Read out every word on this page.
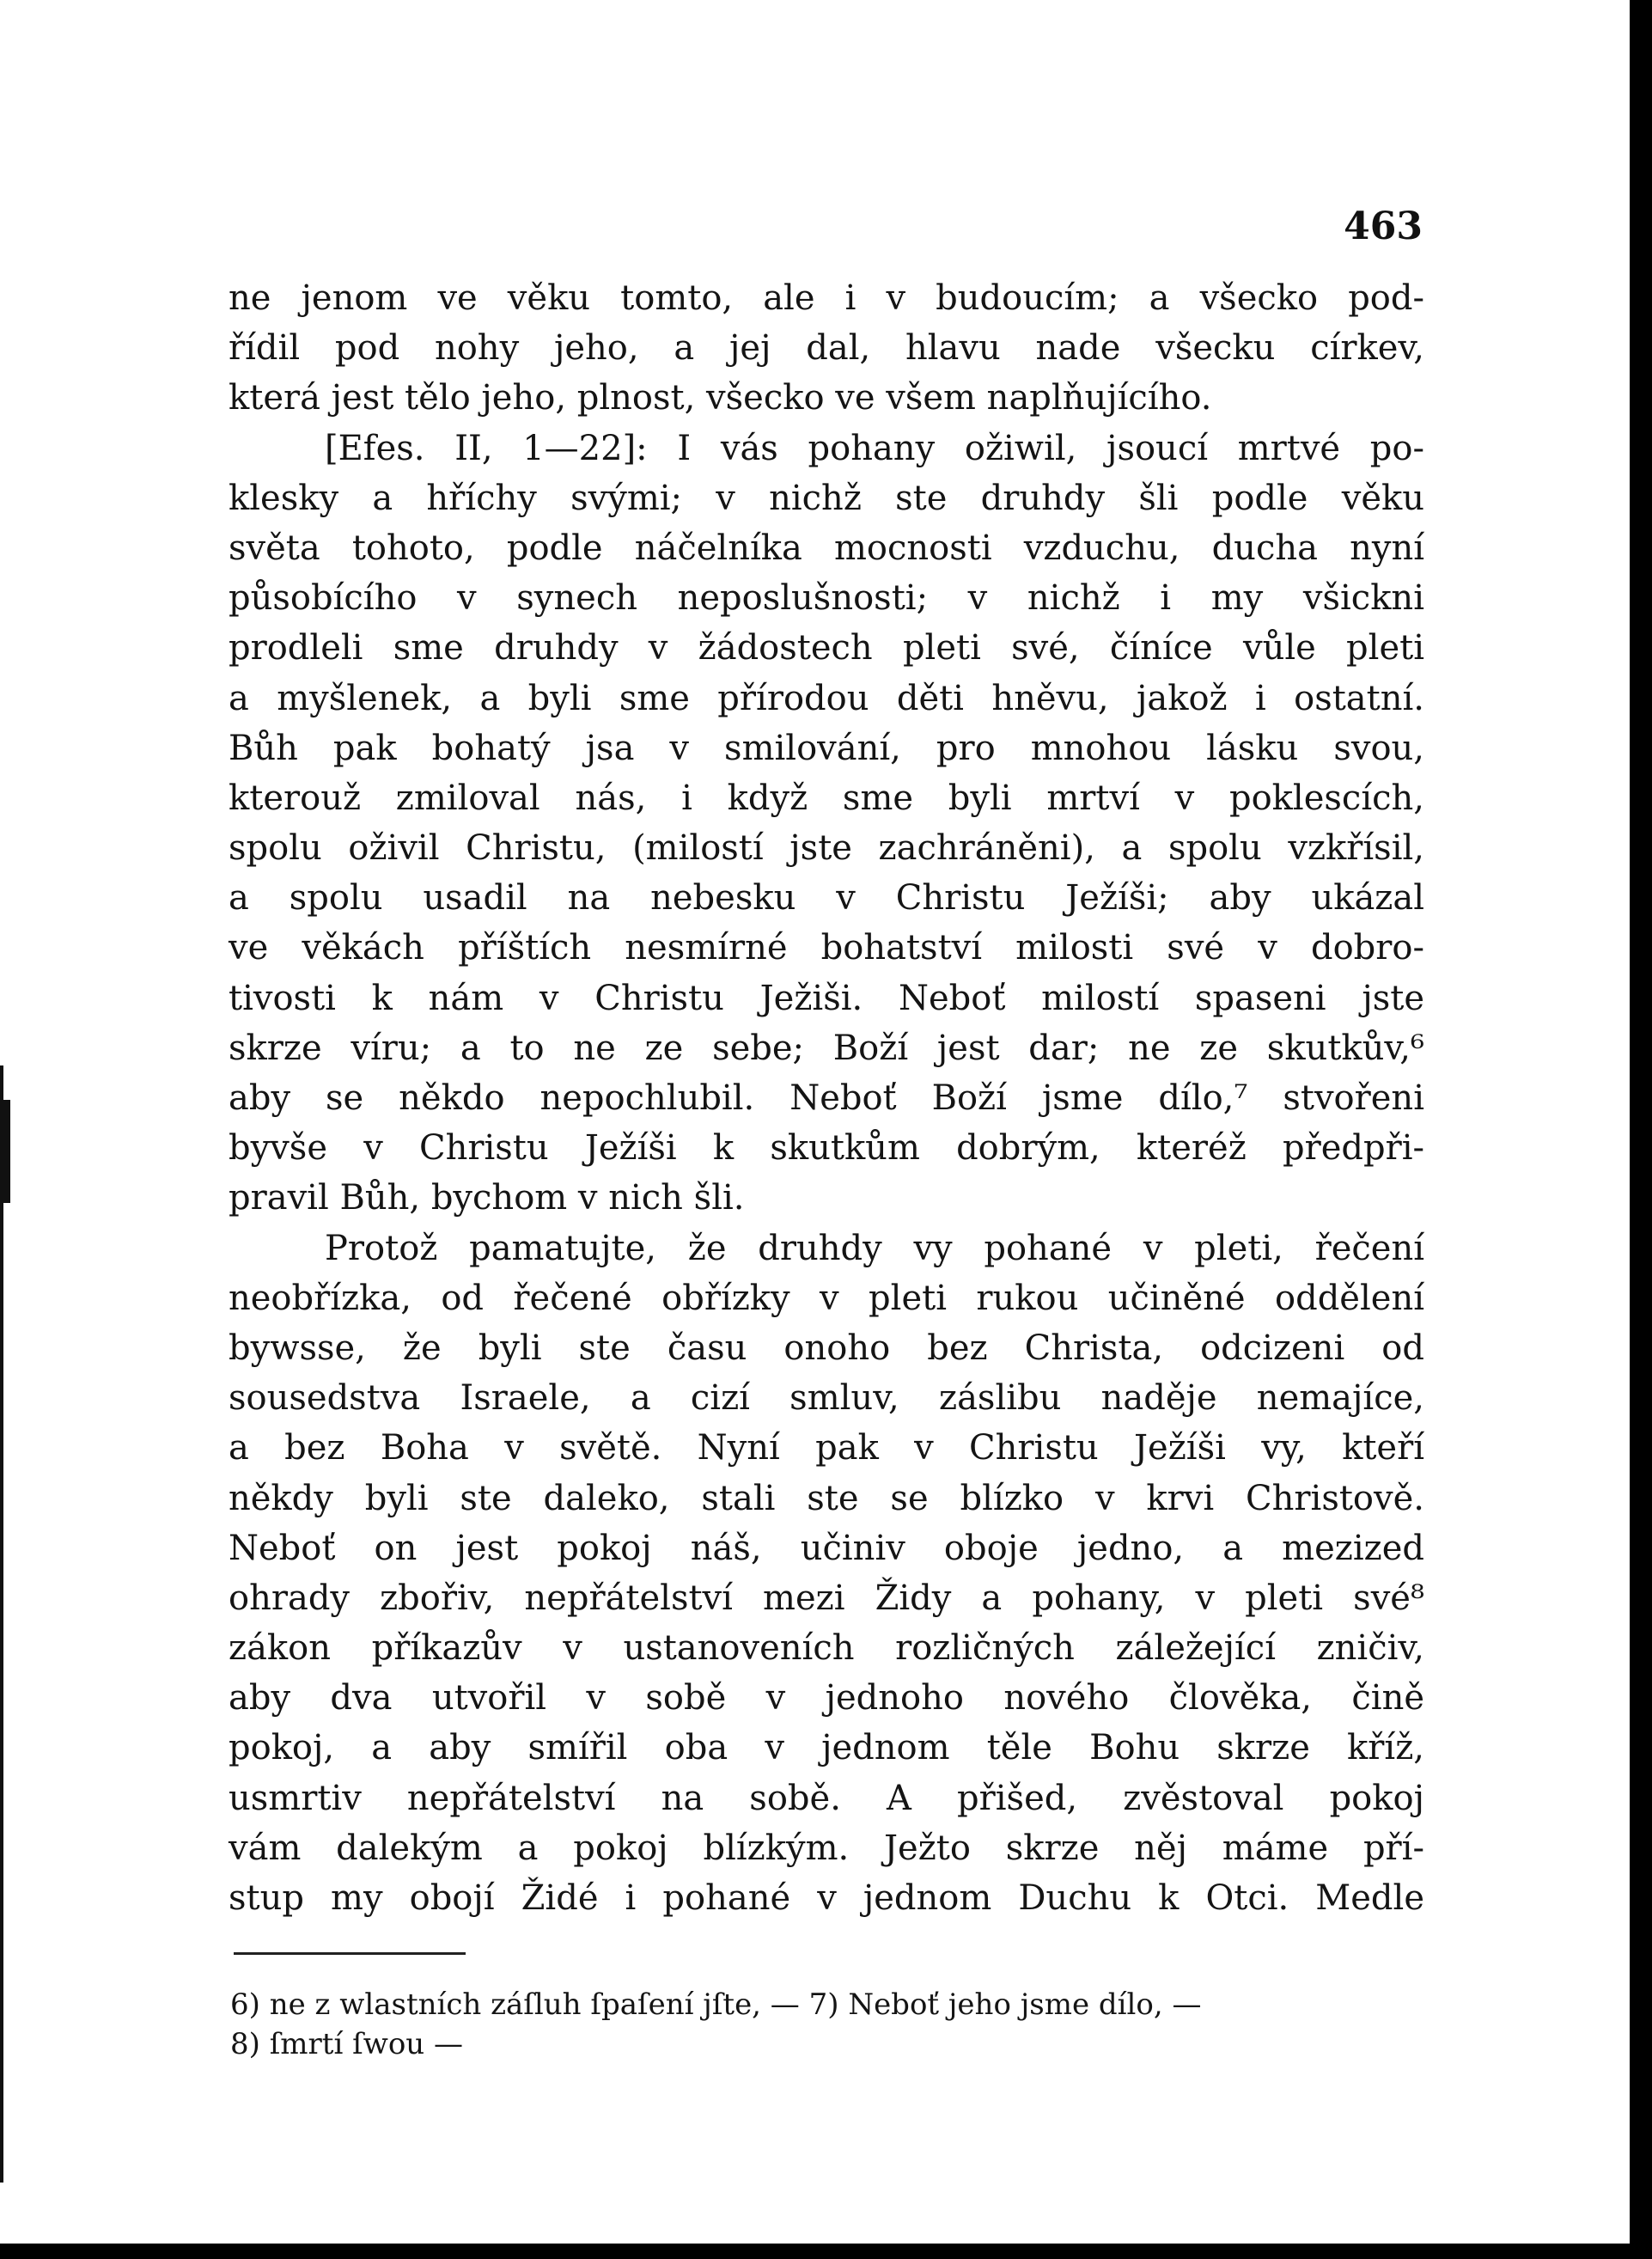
463
ne jenom ve věku tomto, ale i v budoucím; a všecko pod-
řídil pod nohy jeho, a jej dal, hlavu nade všecku církev,
která jest tělo jeho, plnost, všecko ve všem naplňujícího.
[Efes. II, 1—22]: I vás pohany ožiwil, jsoucí mrtvé po-
klesky a hříchy svými; v nichž ste druhdy šli podle věku
světa tohoto, podle náčelníka mocnosti vzduchu, ducha nyní
působícího v synech neposlušnosti; v nichž i my všickni
prodleli sme druhdy v žádostech pleti své, číníce vůle pleti
a myšlenek, a byli sme přírodou děti hněvu, jakož i ostatní.
Bůh pak bohatý jsa v smilování, pro mnohou lásku svou,
kterouž zmiloval nás, i když sme byli mrtví v poklescích,
spolu oživil Christu, (milostí jste zachráněni), a spolu vzkřísil,
a spolu usadil na nebesku v Christu Ježíši; aby ukázal
ve věkách příštích nesmírné bohatství milosti své v dobro-
tivosti k nám v Christu Ježiši. Neboť milostí spaseni jste
skrze víru; a to ne ze sebe; Boží jest dar; ne ze skutkův,⁶
aby se někdo nepochlubil. Neboť Boží jsme dílo,⁷ stvořeni
byvše v Christu Ježíši k skutkům dobrým, kteréž předpři-
pravil Bůh, bychom v nich šli.
Protož pamatujte, že druhdy vy pohané v pleti, řečení
neobřízka, od řečené obřízky v pleti rukou učiněné oddělení
bywsse, že byli ste času onoho bez Christa, odcizeni od
sousedstva Israele, a cizí smluv, záslibu naděje nemajíce,
a bez Boha v světě. Nyní pak v Christu Ježíši vy, kteří
někdy byli ste daleko, stali ste se blízko v krvi Christově.
Neboť on jest pokoj náš, učiniv oboje jedno, a mezized
ohrady zbořiv, nepřátelství mezi Židy a pohany, v pleti své⁸
zákon příkazův v ustanoveních rozličných záležející zničiv,
aby dva utvořil v sobě v jednoho nového člověka, čině
pokoj, a aby smířil oba v jednom těle Bohu skrze kříž,
usmrtiv nepřátelství na sobě. A přišed, zvěstoval pokoj
vám dalekým a pokoj blízkým. Ježto skrze něj máme pří-
stup my obojí Židé i pohané v jednom Duchu k Otci. Medle
6) ne z wlastních záſluh ſpaſení jſte, — 7) Neboť jeho jsme dílo, —
8) ſmrtí ſwou —
